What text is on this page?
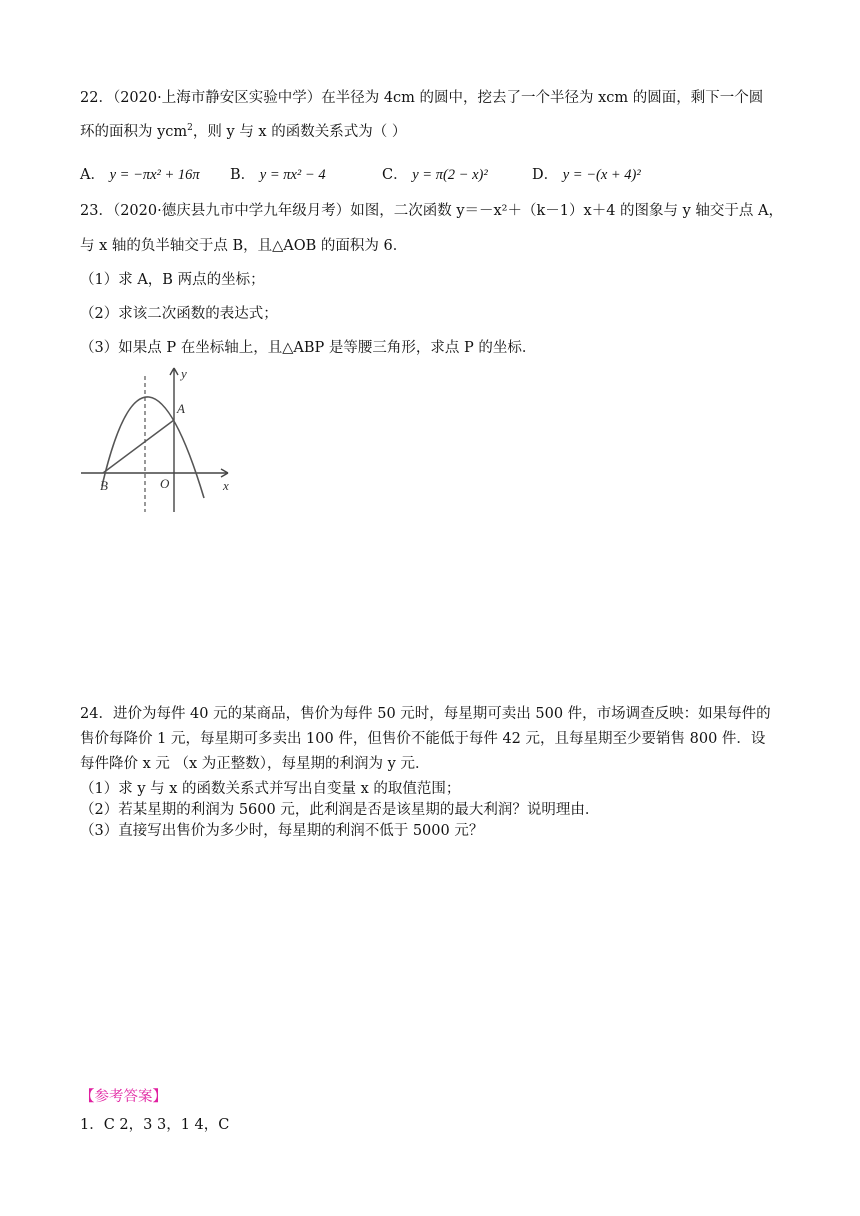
22．（2020·上海市静安区实验中学）在半径为 4cm 的圆中，挖去了一个半径为 xcm 的圆面，剩下一个圆
环的面积为 ycm$^2$，则 y 与 x 的函数关系式为（ ）
A． y = −πx² + 16π B． y = πx² − 4	C． y = π(2 − x)²	D． y = −(x + 4)²
23．（2020·德庆县九市中学九年级月考）如图，二次函数 y＝－x²＋（k－1）x＋4 的图象与 y 轴交于点 A，
与 x 轴的负半轴交于点 B，且△AOB 的面积为 6．
（1）求 A，B 两点的坐标；
（2）求该二次函数的表达式；
（3）如果点 P 在坐标轴上，且△ABP 是等腰三角形，求点 P 的坐标．
y
A
B	O	x
24．进价为每件 40 元的某商品，售价为每件 50 元时，每星期可卖出 500 件，市场调查反映：如果每件的
售价每降价 1 元，每星期可多卖出 100 件，但售价不能低于每件 42 元，且每星期至少要销售 800 件．设
每件降价 x 元 （x 为正整数），每星期的利润为 y 元．
（1）求 y 与 x 的函数关系式并写出自变量 x 的取值范围；
（2）若某星期的利润为 5600 元，此利润是否是该星期的最大利润？说明理由．
（3）直接写出售价为多少时，每星期的利润不低于 5000 元？
【参考答案】
1．C 2，3 3，1 4，C
